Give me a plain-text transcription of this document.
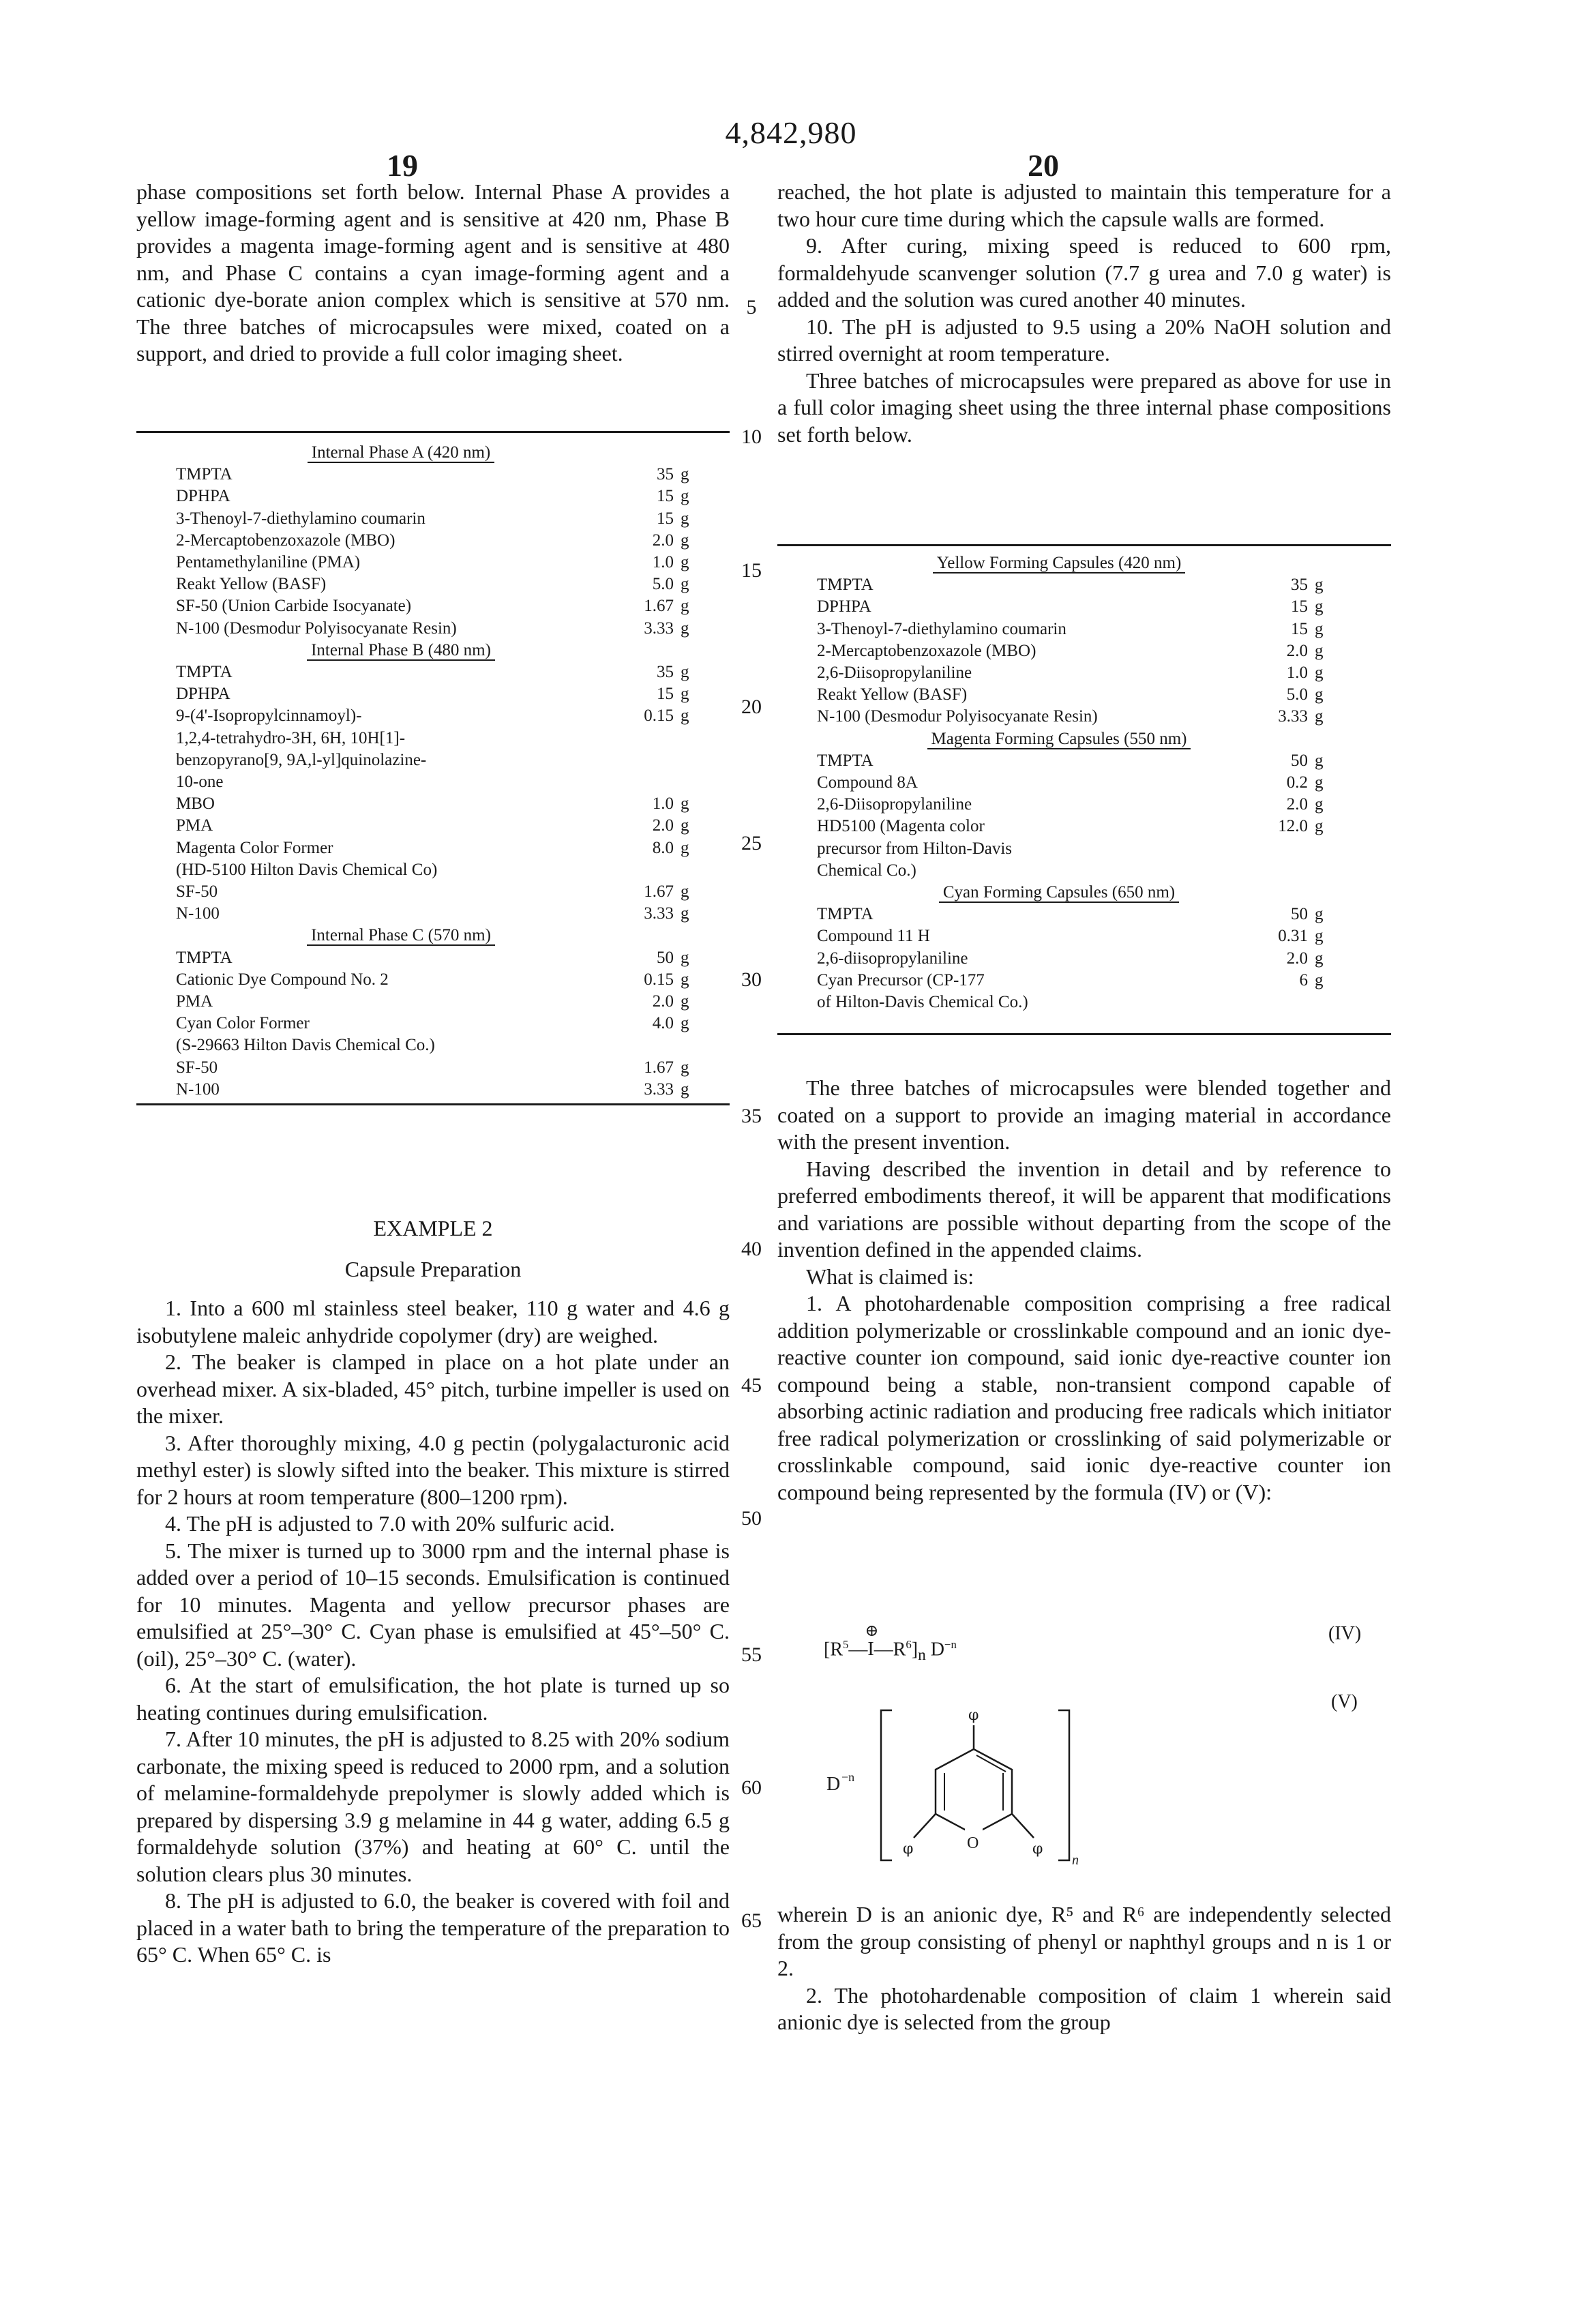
4,842,980
19	20

phase compositions set forth below. Internal Phase A provides a yellow image-forming agent and is sensitive at 420 nm, Phase B provides a magenta image-forming agent and is sensitive at 480 nm, and Phase C contains a cyan image-forming agent and a cationic dye-borate anion complex which is sensitive at 570 nm. The three batches of microcapsules were mixed, coated on a support, and dried to provide a full color imaging sheet.

Internal Phase A (420 nm)
TMPTA	35	g
DPHPA	15	g
3-Thenoyl-7-diethylamino coumarin	15	g
2-Mercaptobenzoxazole (MBO)	2.0	g
Pentamethylaniline (PMA)	1.0	g
Reakt Yellow (BASF)	5.0	g
SF-50 (Union Carbide Isocyanate)	1.67	g
N-100 (Desmodur Polyisocyanate Resin)	3.33	g
Internal Phase B (480 nm)
TMPTA	35	g
DPHPA	15	g
9-(4'-Isopropylcinnamoyl)-	0.15	g
1,2,4-tetrahydro-3H, 6H, 10H[1]-		
benzopyrano[9, 9A,l-yl]quinolazine-		
10-one		
MBO	1.0	g
PMA	2.0	g
Magenta Color Former	8.0	g
(HD-5100 Hilton Davis Chemical Co)		
SF-50	1.67	g
N-100	3.33	g
Internal Phase C (570 nm)
TMPTA	50	g
Cationic Dye Compound No. 2	0.15	g
PMA	2.0	g
Cyan Color Former	4.0	g
(S-29663 Hilton Davis Chemical Co.)		
SF-50	1.67	g
N-100	3.33	g

EXAMPLE 2

Capsule Preparation

1. Into a 600 ml stainless steel beaker, 110 g water and 4.6 g isobutylene maleic anhydride copolymer (dry) are weighed.

2. The beaker is clamped in place on a hot plate under an overhead mixer. A six-bladed, 45° pitch, turbine impeller is used on the mixer.

3. After thoroughly mixing, 4.0 g pectin (polygalacturonic acid methyl ester) is slowly sifted into the beaker. This mixture is stirred for 2 hours at room temperature (800–1200 rpm).

4. The pH is adjusted to 7.0 with 20% sulfuric acid.

5. The mixer is turned up to 3000 rpm and the internal phase is added over a period of 10–15 seconds. Emulsification is continued for 10 minutes. Magenta and yellow precursor phases are emulsified at 25°–30° C. Cyan phase is emulsified at 45°–50° C. (oil), 25°–30° C. (water).

6. At the start of emulsification, the hot plate is turned up so heating continues during emulsification.

7. After 10 minutes, the pH is adjusted to 8.25 with 20% sodium carbonate, the mixing speed is reduced to 2000 rpm, and a solution of melamine-formaldehyde prepolymer is slowly added which is prepared by dispersing 3.9 g melamine in 44 g water, adding 6.5 g formaldehyde solution (37%) and heating at 60° C. until the solution clears plus 30 minutes.

8. The pH is adjusted to 6.0, the beaker is covered with foil and placed in a water bath to bring the temperature of the preparation to 65° C. When 65° C. is

5
10
15
20
25
30
35
40
45
50
55
60
65

reached, the hot plate is adjusted to maintain this temperature for a two hour cure time during which the capsule walls are formed.

9. After curing, mixing speed is reduced to 600 rpm, formaldehyude scanvenger solution (7.7 g urea and 7.0 g water) is added and the solution was cured another 40 minutes.

10. The pH is adjusted to 9.5 using a 20% NaOH solution and stirred overnight at room temperature.

Three batches of microcapsules were prepared as above for use in a full color imaging sheet using the three internal phase compositions set forth below.

Yellow Forming Capsules (420 nm)
TMPTA	35	g
DPHPA	15	g
3-Thenoyl-7-diethylamino coumarin	15	g
2-Mercaptobenzoxazole (MBO)	2.0	g
2,6-Diisopropylaniline	1.0	g
Reakt Yellow (BASF)	5.0	g
N-100 (Desmodur Polyisocyanate Resin)	3.33	g
Magenta Forming Capsules (550 nm)
TMPTA	50	g
Compound 8A	0.2	g
2,6-Diisopropylaniline	2.0	g
HD5100 (Magenta color	12.0	g
precursor from Hilton-Davis		
Chemical Co.)		
Cyan Forming Capsules (650 nm)
TMPTA	50	g
Compound 11 H	0.31	g
2,6-diisopropylaniline	2.0	g
Cyan Precursor (CP-177	6	g
of Hilton-Davis Chemical Co.)		

The three batches of microcapsules were blended together and coated on a support to provide an imaging material in accordance with the present invention.

Having described the invention in detail and by reference to preferred embodiments thereof, it will be apparent that modifications and variations are possible without departing from the scope of the invention defined in the appended claims.

What is claimed is:

1. A photohardenable composition comprising a free radical addition polymerizable or crosslinkable compound and an ionic dye-reactive counter ion compound, said ionic dye-reactive counter ion compound being a stable, non-transient compond capable of absorbing actinic radiation and producing free radicals which initiator free radical polymerization or crosslinking of said polymerizable or crosslinkable compound, said ionic dye-reactive counter ion compound being represented by the formula (IV) or (V):

[R5—I
⊕
—R6]n D−n
(IV)
(V)
D −n
n
φ
O
φ	φ

wherein D is an anionic dye, R⁵ and R⁶ are independently selected from the group consisting of phenyl or naphthyl groups and n is 1 or 2.

2. The photohardenable composition of claim 1 wherein said anionic dye is selected from the group
